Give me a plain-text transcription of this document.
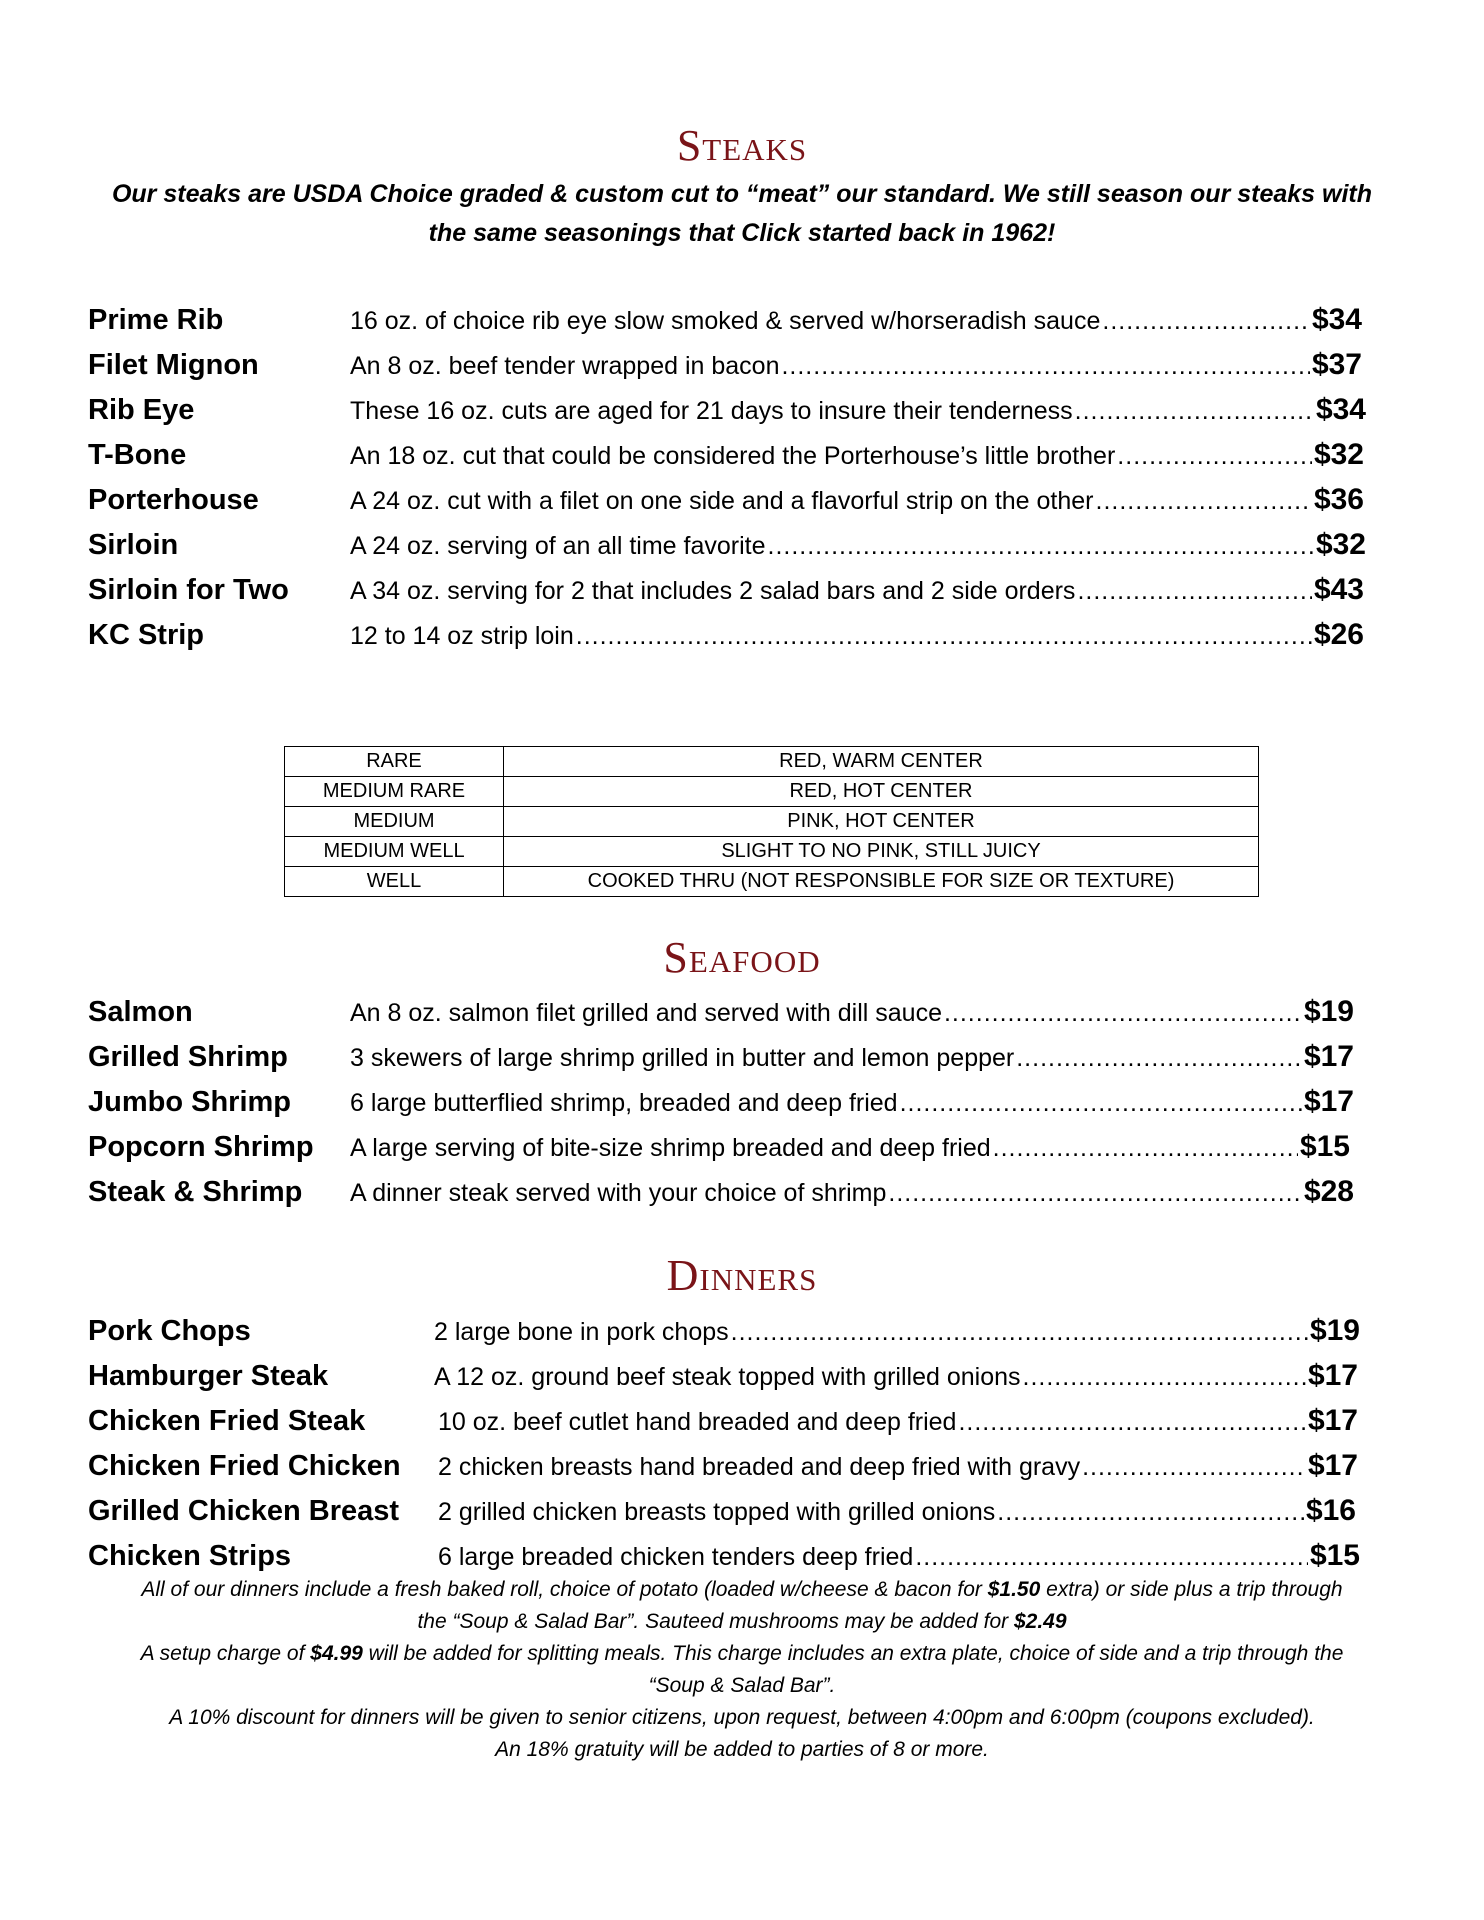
Steaks
Our steaks are USDA Choice graded & custom cut to “meat” our standard. We still season our steaks with
the same seasonings that Click started back in 1962!
Prime Rib	16 oz. of choice rib eye slow smoked & served w/horseradish sauce .....	$34
Filet Mignon	An 8 oz. beef tender wrapped in bacon .....	$37
Rib Eye	These 16 oz. cuts are aged for 21 days to insure their tenderness .....	$34
T-Bone	An 18 oz. cut that could be considered the Porterhouse’s little brother .....	$32
Porterhouse	A 24 oz. cut with a filet on one side and a flavorful strip on the other .....	$36
Sirloin	A 24 oz. serving of an all time favorite .....	$32
Sirloin for Two A 34 oz. serving for 2 that includes 2 salad bars and 2 side orders .....	$43
KC Strip	12 to 14 oz strip loin .....	$26
RARE	RED, WARM CENTER
MEDIUM RARE	RED, HOT CENTER
MEDIUM	PINK, HOT CENTER
MEDIUM WELL	SLIGHT TO NO PINK, STILL JUICY
WELL	COOKED THRU (NOT RESPONSIBLE FOR SIZE OR TEXTURE)
Seafood
Salmon	An 8 oz. salmon filet grilled and served with dill sauce .....	$19
Grilled Shrimp 3 skewers of large shrimp grilled in butter and lemon pepper .....	$17
Jumbo Shrimp 6 large butterflied shrimp, breaded and deep fried .....	$17
Popcorn Shrimp A large serving of bite-size shrimp breaded and deep fried .....	$15
Steak & Shrimp A dinner steak served with your choice of shrimp .....	$28
Dinners
Pork Chops	2 large bone in pork chops .....	$19
Hamburger Steak	A 12 oz. ground beef steak topped with grilled onions .....	$17
Chicken Fried Steak	10 oz. beef cutlet hand breaded and deep fried .....	$17
Chicken Fried Chicken 2 chicken breasts hand breaded and deep fried with gravy .....	$17
Grilled Chicken Breast 2 grilled chicken breasts topped with grilled onions .....	$16
Chicken Strips	6 large breaded chicken tenders deep fried .....	$15
All of our dinners include a fresh baked roll, choice of potato (loaded w/cheese & bacon for $1.50 extra) or side plus a trip through
the “Soup & Salad Bar”. Sauteed mushrooms may be added for $2.49
A setup charge of $4.99 will be added for splitting meals. This charge includes an extra plate, choice of side and a trip through the
“Soup & Salad Bar”.
A 10% discount for dinners will be given to senior citizens, upon request, between 4:00pm and 6:00pm (coupons excluded).
An 18% gratuity will be added to parties of 8 or more.
